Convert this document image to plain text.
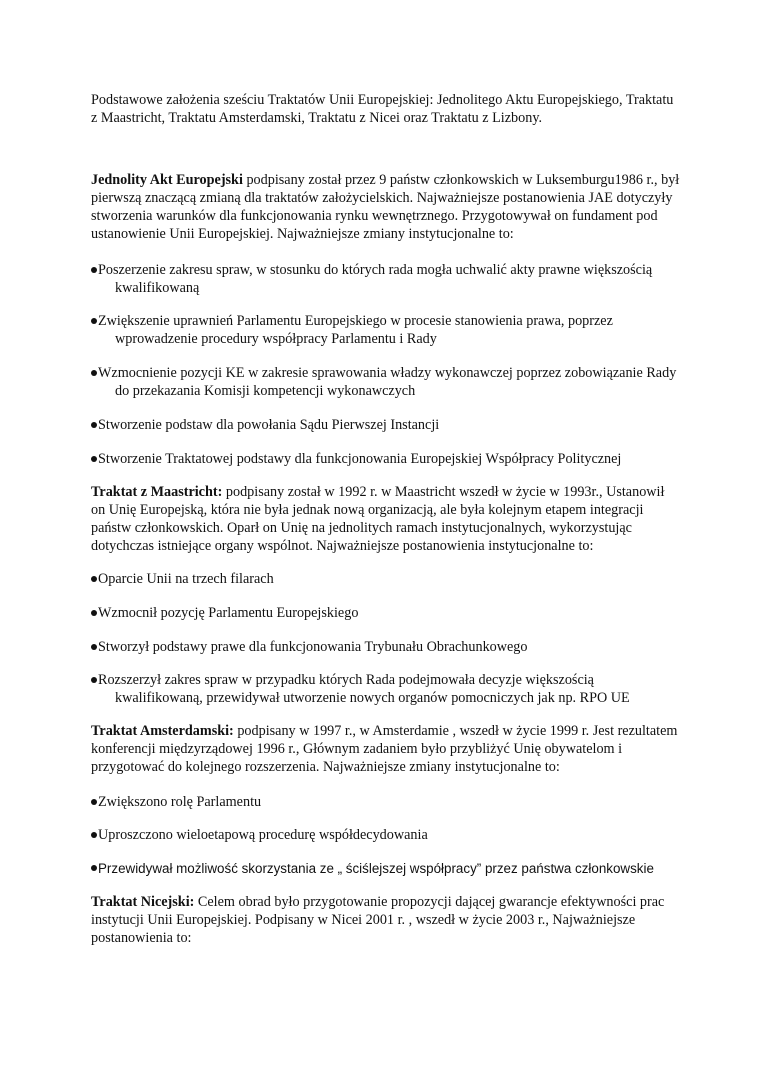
Podstawowe założenia sześciu Traktatów Unii Europejskiej: Jednolitego Aktu Europejskiego, Traktatu z Maastricht, Traktatu Amsterdamski, Traktatu z Nicei oraz Traktatu z Lizbony.

Jednolity Akt Europejski podpisany został przez 9 państw członkowskich w Luksemburgu1986 r., był pierwszą znaczącą zmianą dla traktatów założycielskich. Najważniejsze postanowienia JAE dotyczyły stworzenia warunków dla funkcjonowania rynku wewnętrznego. Przygotowywał on fundament pod ustanowienie Unii Europejskiej. Najważniejsze zmiany instytucjonalne to:

Poszerzenie zakresu spraw, w stosunku do których rada mogła uchwalić akty prawne większością kwalifikowaną
Zwiększenie uprawnień Parlamentu Europejskiego w procesie stanowienia prawa, poprzez wprowadzenie procedury współpracy Parlamentu i Rady
Wzmocnienie pozycji KE w zakresie sprawowania władzy wykonawczej poprzez zobowiązanie Rady do przekazania Komisji kompetencji wykonawczych
Stworzenie podstaw dla powołania Sądu Pierwszej Instancji
Stworzenie Traktatowej podstawy dla funkcjonowania Europejskiej Współpracy Politycznej

Traktat z Maastricht: podpisany został w 1992 r. w Maastricht wszedł w życie w 1993r., Ustanowił on Unię Europejską, która nie była jednak nową organizacją, ale była kolejnym etapem integracji państw członkowskich. Oparł on Unię na jednolitych ramach instytucjonalnych, wykorzystując dotychczas istniejące organy wspólnot. Najważniejsze postanowienia instytucjonalne to:

Oparcie Unii na trzech filarach
Wzmocnił pozycję Parlamentu Europejskiego
Stworzył podstawy prawe dla funkcjonowania Trybunału Obrachunkowego
Rozszerzył zakres spraw w przypadku których Rada podejmowała decyzje większością kwalifikowaną, przewidywał utworzenie nowych organów pomocniczych jak np. RPO UE

Traktat Amsterdamski: podpisany w 1997 r., w Amsterdamie , wszedł w życie 1999 r. Jest rezultatem konferencji międzyrządowej 1996 r., Głównym zadaniem było przybliżyć Unię obywatelom i przygotować do kolejnego rozszerzenia. Najważniejsze zmiany instytucjonalne to:

Zwiększono rolę Parlamentu
Uproszczono wieloetapową procedurę współdecydowania
Przewidywał możliwość skorzystania ze „ ściślejszej współpracy” przez państwa członkowskie

Traktat Nicejski: Celem obrad było przygotowanie propozycji dającej gwarancje efektywności prac instytucji Unii Europejskiej. Podpisany w Nicei 2001 r. , wszedł w życie 2003 r., Najważniejsze postanowienia to:
